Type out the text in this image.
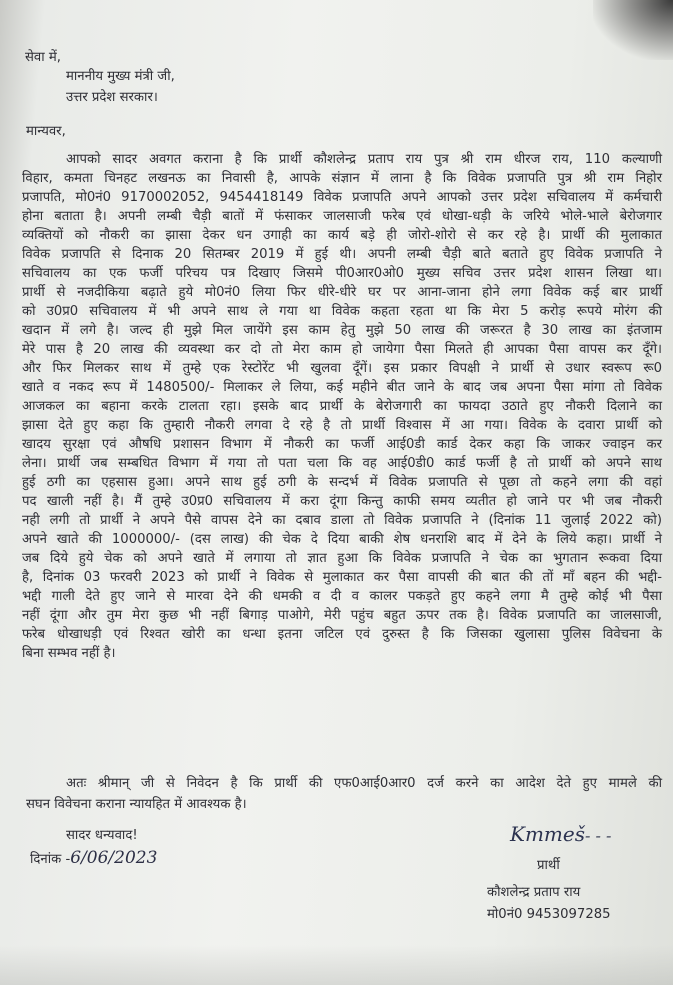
सेवा में,
माननीय मुख्य मंत्री जी,
उत्तर प्रदेश सरकार।
मान्यवर,
आपको सादर अवगत कराना है कि प्रार्थी कौशलेन्द्र प्रताप राय पुत्र श्री राम धीरज राय, 110 कल्याणी
विहार, कमता चिनहट लखनऊ का निवासी है, आपके संज्ञान में लाना है कि विवेक प्रजापति पुत्र श्री राम निहोर
प्रजापति, मो0नं0 9170002052, 9454418149 विवेक प्रजापति अपने आपको उत्तर प्रदेश सचिवालय में कर्मचारी
होना बताता है। अपनी लम्बी चैड़ी बातों में फंसाकर जालसाजी फरेब एवं धोखा-धड़ी के जरिये भोले-भाले बेरोजगार
व्यक्तियों को नौकरी का झासा देकर धन उगाही का कार्य बड़े ही जोरो-शोरो से कर रहे है। प्रार्थी की मुलाकात
विवेक प्रजापति से दिनाक 20 सितम्बर 2019 में हुई थी। अपनी लम्बी चैड़ी बाते बताते हुए विवेक प्रजापति ने
सचिवालय का एक फर्जी परिचय पत्र दिखाए जिसमे पी0आर0ओ0 मुख्य सचिव उत्तर प्रदेश शासन लिखा था।
प्रार्थी से नजदीकिया बढ़ाते हुये मो0नं0 लिया फिर धीरे-धीरे घर पर आना-जाना होने लगा विवेक कई बार प्रार्थी
को उ0प्र0 सचिवालय में भी अपने साथ ले गया था विवेक कहता रहता था कि मेरा 5 करोड़ रूपये मोरंग की
खदान में लगे है। जल्द ही मुझे मिल जायेंगे इस काम हेतु मुझे 50 लाख की जरूरत है 30 लाख का इंतजाम
मेरे पास है 20 लाख की व्यवस्था कर दो तो मेरा काम हो जायेगा पैसा मिलते ही आपका पैसा वापस कर दूँगे।
और फिर मिलकर साथ में तुम्हे एक रेस्टोरेंट भी खुलवा दूँगें। इस प्रकार विपक्षी ने प्रार्थी से उधार स्वरूप रू0
खाते व नकद रूप में 1480500/- मिलाकर ले लिया, कई महीने बीत जाने के बाद जब अपना पैसा मांगा तो विवेक
आजकल का बहाना करके टालता रहा। इसके बाद प्रार्थी के बेरोजगारी का फायदा उठाते हुए नौकरी दिलाने का
झासा देते हुए कहा कि तुम्हारी नौकरी लगवा दे रहे है तो प्रार्थी विश्वास में आ गया। विवेक के दवारा प्रार्थी को
खादय सुरक्षा एवं औषधि प्रशासन विभाग में नौकरी का फर्जी आई0डी कार्ड देकर कहा कि जाकर ज्वाइन कर
लेना। प्रार्थी जब सम्बधित विभाग में गया तो पता चला कि वह आई0डी0 कार्ड फर्जी है तो प्रार्थी को अपने साथ
हुई ठगी का एहसास हुआ। अपने साथ हुई ठगी के सन्दर्भ में विवेक प्रजापति से पूछा तो कहने लगा की वहां
पद खाली नहीं है। मैं तुम्हे उ0प्र0 सचिवालय में करा दूंगा किन्तु काफी समय व्यतीत हो जाने पर भी जब नौकरी
नही लगी तो प्रार्थी ने अपने पैसे वापस देने का दबाव डाला तो विवेक प्रजापति ने (दिनांक 11 जुलाई 2022 को)
अपने खाते की 1000000/- (दस लाख) की चेक दे दिया बाकी शेष धनराशि बाद में देने के लिये कहा। प्रार्थी ने
जब दिये हुये चेक को अपने खाते में लगाया तो ज्ञात हुआ कि विवेक प्रजापति ने चेक का भुगतान रूकवा दिया
है, दिनांक 03 फरवरी 2023 को प्रार्थी ने विवेक से मुलाकात कर पैसा वापसी की बात की तों माँ बहन की भद्दी-
भद्दी गाली देते हुए जाने से मारवा देने की धमकी व दी व कालर पकड़ते हुए कहने लगा मै तुम्हे कोई भी पैसा
नहीं दूंगा और तुम मेरा कुछ भी नहीं बिगाड़ पाओगे, मेरी पहुंच बहुत ऊपर तक है। विवेक प्रजापति का जालसाजी,
फरेब धोखाधड़ी एवं रिश्वत खोरी का धन्धा इतना जटिल एवं दुरुस्त है कि जिसका खुलासा पुलिस विवेचना के
बिना सम्भव नहीं है।
अतः श्रीमान् जी से निवेदन है कि प्रार्थी की एफ0आई0आर0 दर्ज करने का आदेश देते हुए मामले की
सघन विवेचना कराना न्यायहित में आवश्यक है।
सादर धन्यवाद!
दिनांक -6/06/2023
Kmmeš- - -
प्रार्थी
कौशलेन्द्र प्रताप राय
मो0नं0 9453097285
